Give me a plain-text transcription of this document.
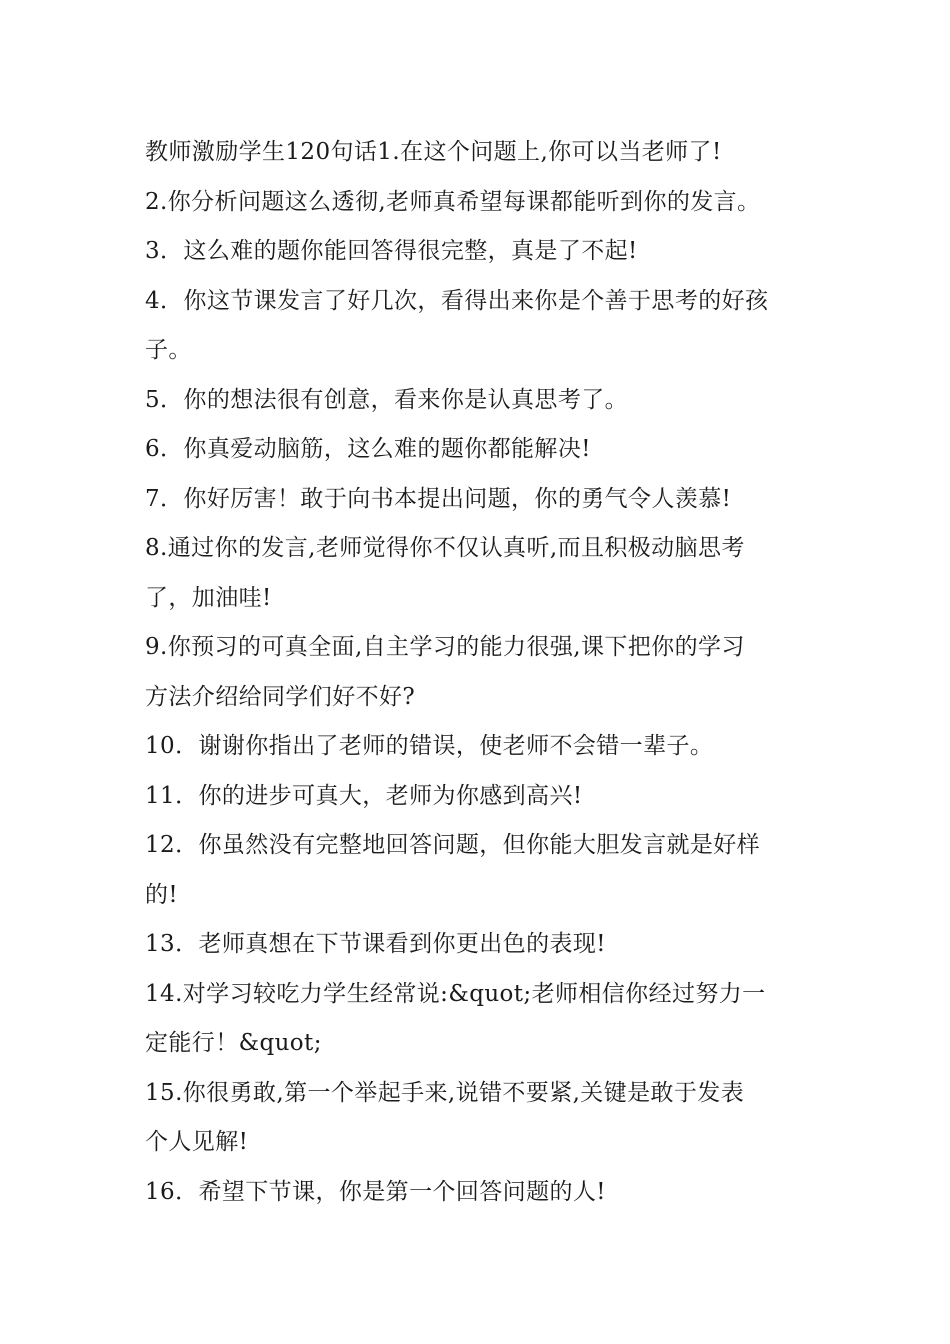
教师激励学生120句话1.在这个问题上,你可以当老师了!

2.你分析问题这么透彻,老师真希望每课都能听到你的发言。

3．这么难的题你能回答得很完整，真是了不起!

4．你这节课发言了好几次，看得出来你是个善于思考的好孩

子。

5．你的想法很有创意，看来你是认真思考了。

6．你真爱动脑筋，这么难的题你都能解决!

7．你好厉害！敢于向书本提出问题，你的勇气令人羡慕!

8.通过你的发言,老师觉得你不仅认真听,而且积极动脑思考

了，加油哇!

9.你预习的可真全面,自主学习的能力很强,课下把你的学习

方法介绍给同学们好不好?

10．谢谢你指出了老师的错误，使老师不会错一辈子。

11．你的进步可真大，老师为你感到高兴!

12．你虽然没有完整地回答问题，但你能大胆发言就是好样

的!

13．老师真想在下节课看到你更出色的表现!

14.对学习较吃力学生经常说:&quot;老师相信你经过努力一

定能行！&quot;

15.你很勇敢,第一个举起手来,说错不要紧,关键是敢于发表

个人见解!

16．希望下节课，你是第一个回答问题的人!
